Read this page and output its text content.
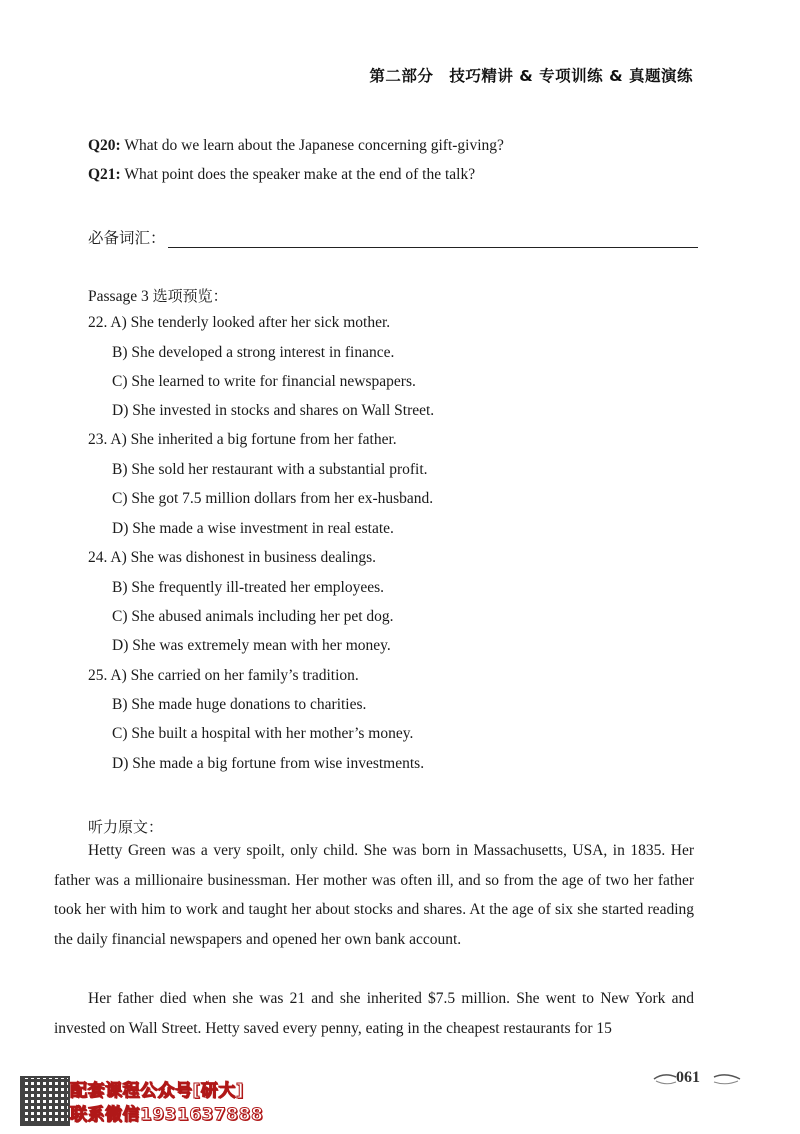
第二部分　技巧精讲 & 专项训练 & 真题演练
Q20: What do we learn about the Japanese concerning gift-giving?
Q21: What point does the speaker make at the end of the talk?
必备词汇：
Passage 3 选项预览：
22. A) She tenderly looked after her sick mother.
B) She developed a strong interest in finance.
C) She learned to write for financial newspapers.
D) She invested in stocks and shares on Wall Street.
23. A) She inherited a big fortune from her father.
B) She sold her restaurant with a substantial profit.
C) She got 7.5 million dollars from her ex-husband.
D) She made a wise investment in real estate.
24. A) She was dishonest in business dealings.
B) She frequently ill-treated her employees.
C) She abused animals including her pet dog.
D) She was extremely mean with her money.
25. A) She carried on her family’s tradition.
B) She made huge donations to charities.
C) She built a hospital with her mother’s money.
D) She made a big fortune from wise investments.
听力原文：

Hetty Green was a very spoilt, only child. She was born in Massachusetts, USA, in 1835. Her father was a millionaire businessman. Her mother was often ill, and so from the age of two her father took her with him to work and taught her about stocks and shares. At the age of six she started reading the daily financial newspapers and opened her own bank account.

Her father died when she was 21 and she inherited $7.5 million. She went to New York and invested on Wall Street. Hetty saved every penny, eating in the cheapest restaurants for 15

061
配套课程公众号[研大]
联系微信1931637888
